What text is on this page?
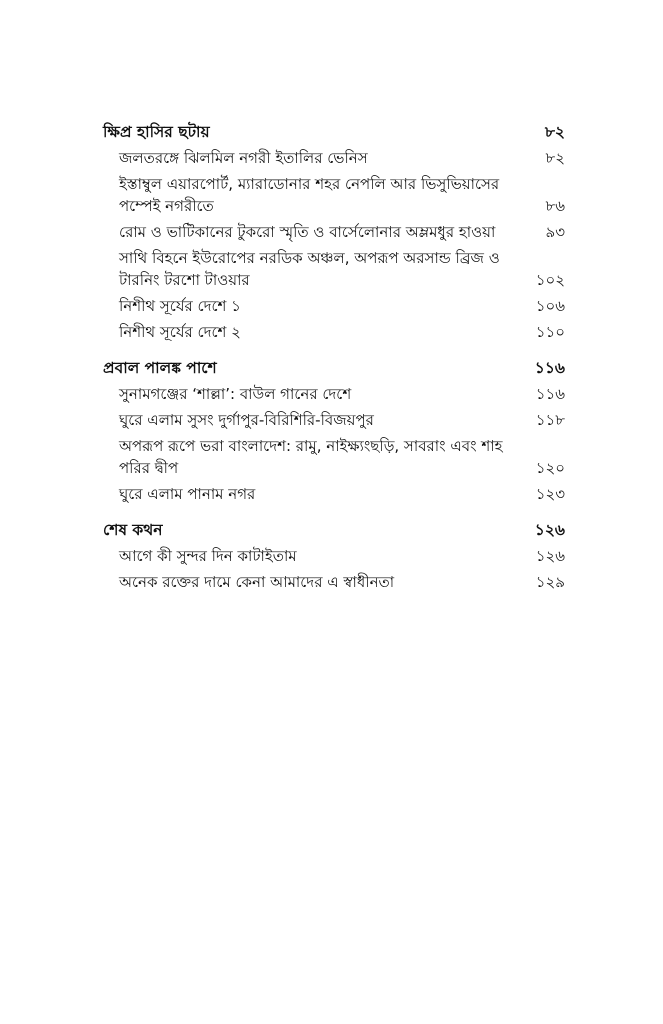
ক্ষিপ্র হাসির ছটায়	৮২
জলতরঙ্গে ঝিলমিল নগরী ইতালির ভেনিস	৮২
ইস্তাম্বুল এয়ারপোর্ট, ম্যারাডোনার শহর নেপলি আর ভিসুভিয়াসের পম্পেই নগরীতে	৮৬
রোম ও ভাটিকানের টুকরো স্মৃতি ও বার্সেলোনার অম্লমধুর হাওয়া	৯৩
সাথি বিহনে ইউরোপের নরডিক অঞ্চল, অপরূপ অরসান্ড ব্রিজ ও টারনিং টরশো টাওয়ার	১০২
নিশীথ সূর্যের দেশে ১	১০৬
নিশীথ সূর্যের দেশে ২	১১০
প্রবাল পালঙ্ক পাশে	১১৬
সুনামগঞ্জের ‘শাল্লা’: বাউল গানের দেশে	১১৬
ঘুরে এলাম সুসং দুর্গাপুর-বিরিশিরি-বিজয়পুর	১১৮
অপরূপ রূপে ভরা বাংলাদেশ: রামু, নাইক্ষ্যংছড়ি, সাবরাং এবং শাহ পরির দ্বীপ	১২০
ঘুরে এলাম পানাম নগর	১২৩
শেষ কথন	১২৬
আগে কী সুন্দর দিন কাটাইতাম	১২৬
অনেক রক্তের দামে কেনা আমাদের এ স্বাধীনতা	১২৯
